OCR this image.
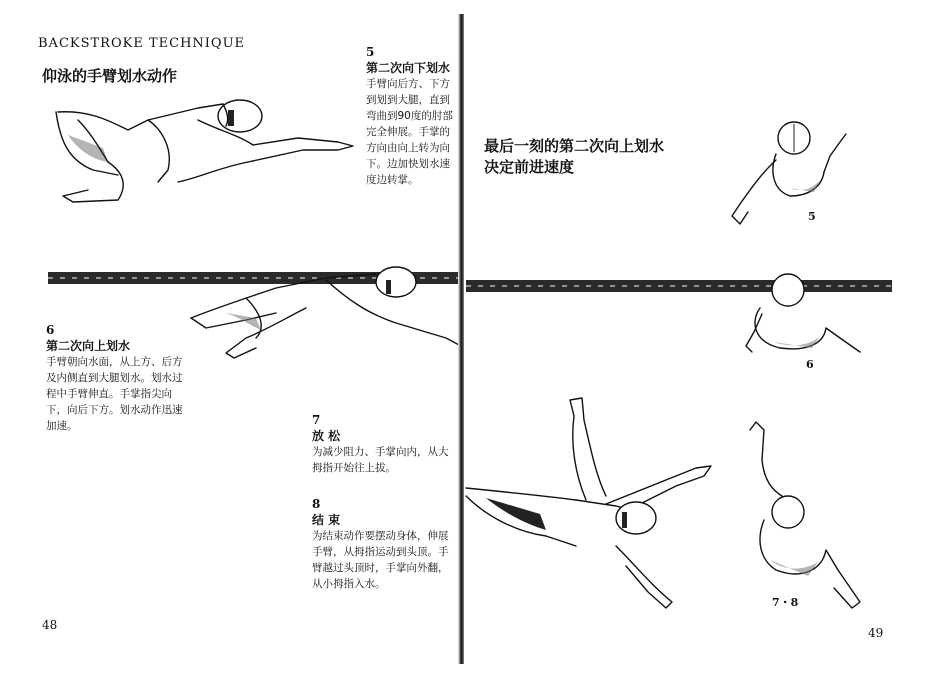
BACKSTROKE TECHNIQUE
仰泳的手臂划水动作
5
第二次向下划水
手臂向后方、下方到划到大腿，直到弯曲到90度的肘部完全伸展。手掌的方向由向上转为向下。边加快划水速度边转掌。
6
第二次向上划水
手臂朝向水面，从上方、后方及内侧直到大腿划水。划水过程中手臂伸直。手掌指尖向下，向后下方。划水动作迅速加速。	7
放 松
为减少阻力、手掌向内，从大拇指开始往上拔。
8
结 束
为结束动作要摆动身体，伸展手臂，从拇指运动到头顶。手臂越过头顶时，手掌向外翻，从小拇指入水。
48
最后一刻的第二次向上划水
决定前进速度
5
6
7・8
49
